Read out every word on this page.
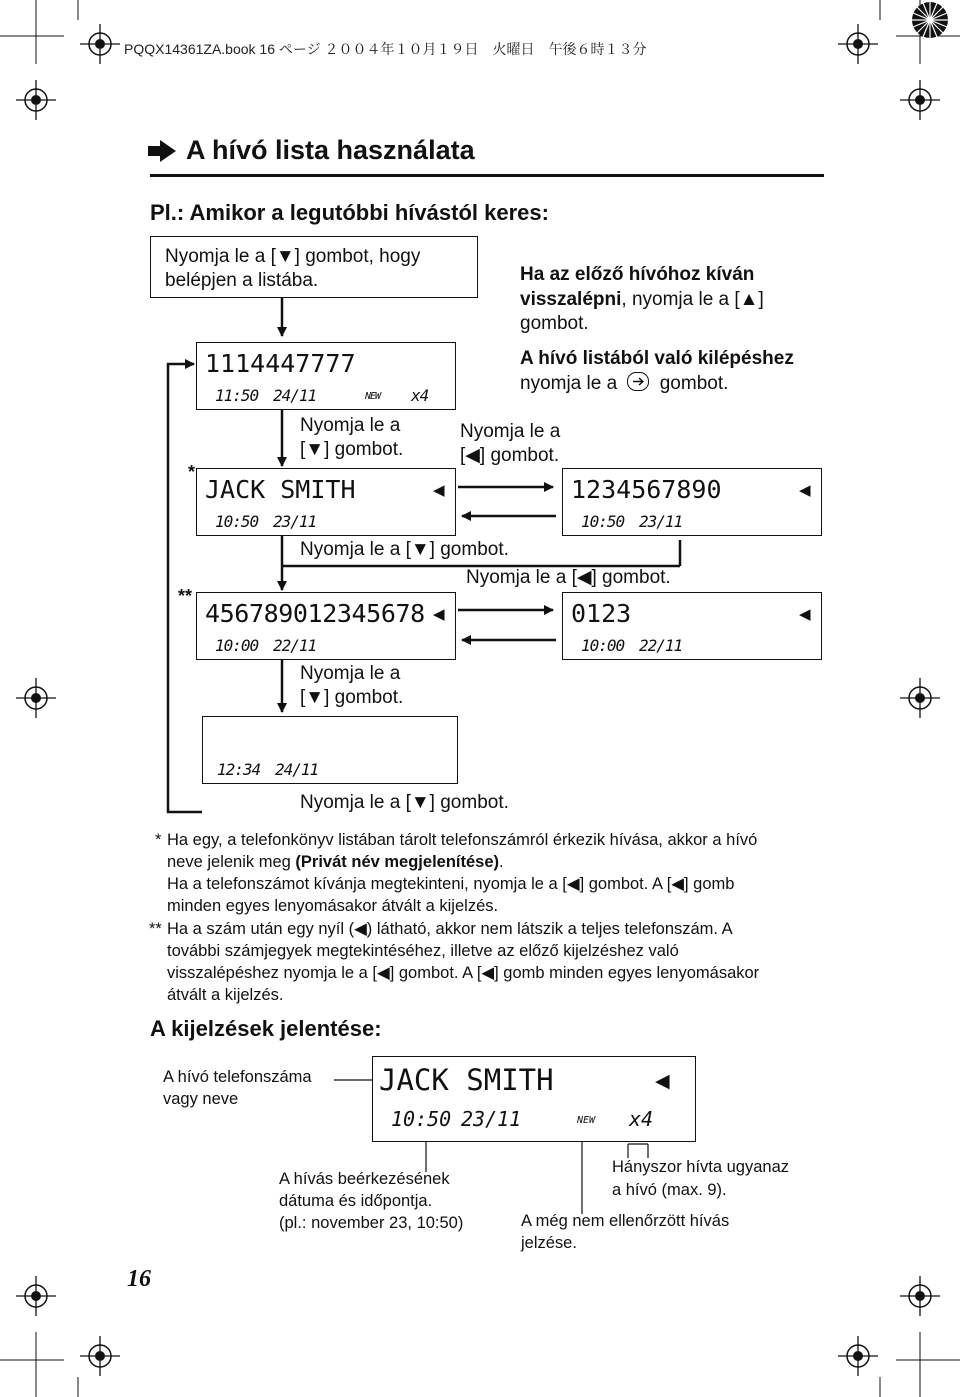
PQQX14361ZA.book 16 ページ ２００４年１０月１９日　火曜日　午後６時１３分
A hívó lista használata
Pl.: Amikor a legutóbbi hívástól keres:
Nyomja le a [▼] gombot, hogy
belépjen a listába.	Ha az előző hívóhoz kíván
visszalépni, nyomja le a [▲]
gombot.
A hívó listából való kilépéshez
nyomja le a gombot.
1114447777
11:50 24/11	NEW x4
Nyomja le a
[▼] gombot.
Nyomja le a
[◀] gombot.
*
JACK SMITH	◀
10:50 23/11
1234567890	◀
10:50 23/11
Nyomja le a [▼] gombot.
Nyomja le a [◀] gombot.
**
456789012345678 ◀
10:00 22/11
0123	◀
10:00 22/11
Nyomja le a
[▼] gombot.
12:34 24/11
Nyomja le a [▼] gombot.
* Ha egy, a telefonkönyv listában tárolt telefonszámról érkezik hívása, akkor a hívó
neve jelenik meg (Privát név megjelenítése).
Ha a telefonszámot kívánja megtekinteni, nyomja le a [◀] gombot. A [◀] gomb
minden egyes lenyomásakor átvált a kijelzés.
** Ha a szám után egy nyíl (◀) látható, akkor nem látszik a teljes telefonszám. A
további számjegyek megtekintéséhez, illetve az előző kijelzéshez való
visszalépéshez nyomja le a [◀] gombot. A [◀] gomb minden egyes lenyomásakor
átvált a kijelzés.
A kijelzések jelentése:
A hívó telefonszáma
vagy neve
JACK SMITH	◀
10:50 23/11	NEW x4
A hívás beérkezésének
dátuma és időpontja.
(pl.: november 23, 10:50)
Hányszor hívta ugyanaz
a hívó (max. 9).
A még nem ellenőrzött hívás
jelzése.
16
